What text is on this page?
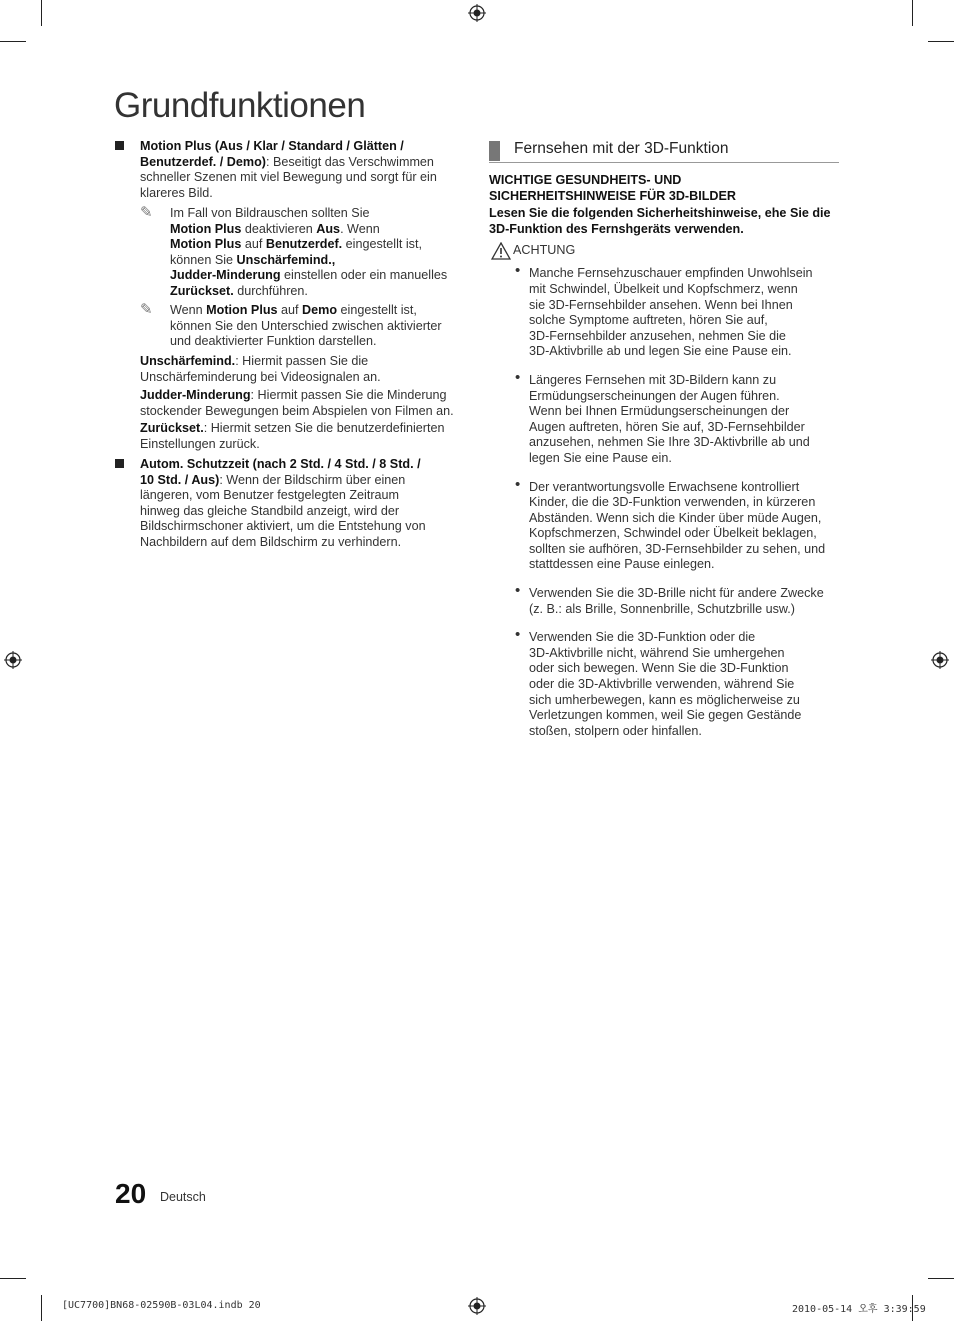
Grundfunktionen
Motion Plus (Aus / Klar / Standard / Glätten /
Benutzerdef. / Demo): Beseitigt das Verschwimmen
schneller Szenen mit viel Bewegung und sorgt für ein
klareres Bild.
✎ Im Fall von Bildrauschen sollten Sie
Motion Plus deaktivieren Aus. Wenn
Motion Plus auf Benutzerdef. eingestellt ist,
können Sie Unschärfemind.,
Judder-Minderung einstellen oder ein manuelles
Zurückset. durchführen.
✎ Wenn Motion Plus auf Demo eingestellt ist,
können Sie den Unterschied zwischen aktivierter
und deaktivierter Funktion darstellen.
Unschärfemind.: Hiermit passen Sie die
Unschärfeminderung bei Videosignalen an.
Judder-Minderung: Hiermit passen Sie die Minderung
stockender Bewegungen beim Abspielen von Filmen an.
Zurückset.: Hiermit setzen Sie die benutzerdefinierten
Einstellungen zurück.
Autom. Schutzzeit (nach 2 Std. / 4 Std. / 8 Std. /
10 Std. / Aus): Wenn der Bildschirm über einen
längeren, vom Benutzer festgelegten Zeitraum
hinweg das gleiche Standbild anzeigt, wird der
Bildschirmschoner aktiviert, um die Entstehung von
Nachbildern auf dem Bildschirm zu verhindern.
Fernsehen mit der 3D-Funktion
WICHTIGE GESUNDHEITS- UND
SICHERHEITSHINWEISE FÜR 3D-BILDER
Lesen Sie die folgenden Sicherheitshinweise, ehe Sie die
3D-Funktion des Fernshgeräts verwenden.
ACHTUNG
• Manche Fernsehzuschauer empfinden Unwohlsein
mit Schwindel, Übelkeit und Kopfschmerz, wenn
sie 3D-Fernsehbilder ansehen. Wenn bei Ihnen
solche Symptome auftreten, hören Sie auf,
3D-Fernsehbilder anzusehen, nehmen Sie die
3D-Aktivbrille ab und legen Sie eine Pause ein.
• Längeres Fernsehen mit 3D-Bildern kann zu
Ermüdungserscheinungen der Augen führen.
Wenn bei Ihnen Ermüdungserscheinungen der
Augen auftreten, hören Sie auf, 3D-Fernsehbilder
anzusehen, nehmen Sie Ihre 3D-Aktivbrille ab und
legen Sie eine Pause ein.
• Der verantwortungsvolle Erwachsene kontrolliert
Kinder, die die 3D-Funktion verwenden, in kürzeren
Abständen. Wenn sich die Kinder über müde Augen,
Kopfschmerzen, Schwindel oder Übelkeit beklagen,
sollten sie aufhören, 3D-Fernsehbilder zu sehen, und
stattdessen eine Pause einlegen.
• Verwenden Sie die 3D-Brille nicht für andere Zwecke
(z. B.: als Brille, Sonnenbrille, Schutzbrille usw.)
• Verwenden Sie die 3D-Funktion oder die
3D-Aktivbrille nicht, während Sie umhergehen
oder sich bewegen. Wenn Sie die 3D-Funktion
oder die 3D-Aktivbrille verwenden, während Sie
sich umherbewegen, kann es möglicherweise zu
Verletzungen kommen, weil Sie gegen Gestände
stoßen, stolpern oder hinfallen.
20 Deutsch
[UC7700]BN68-02590B-03L04.indb 20	2010-05-14 오후 3:39:59
